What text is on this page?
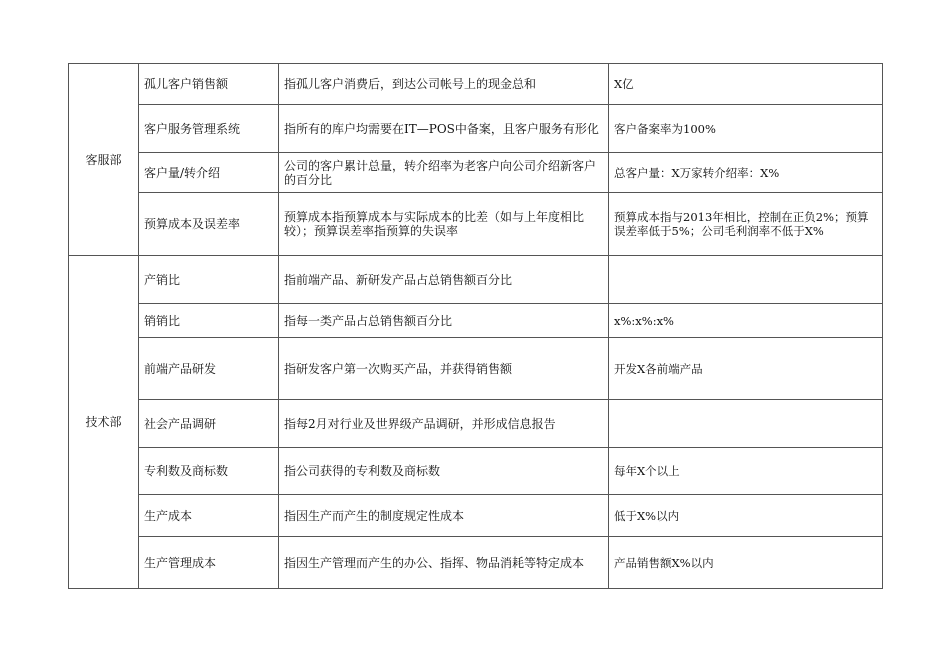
客服部	孤儿客户销售额	指孤儿客户消费后，到达公司帐号上的现金总和	X亿
	客户服务管理系统	指所有的库户均需要在IT—POS中备案，且客户服务有形化	客户备案率为100%
	客户量/转介绍	公司的客户累计总量，转介绍率为老客户向公司介绍新客户的百分比	总客户量：X万家转介绍率：X%
	预算成本及误差率	预算成本指预算成本与实际成本的比差（如与上年度相比较）；预算误差率指预算的失误率	预算成本指与2013年相比，控制在正负2%；预算误差率低于5%；公司毛利润率不低于X%
技术部	产销比	指前端产品、新研发产品占总销售额百分比	
	销销比	指每一类产品占总销售额百分比	x%:x%:x%
	前端产品研发	指研发客户第一次购买产品，并获得销售额	开发X各前端产品
	社会产品调研	指每2月对行业及世界级产品调研，并形成信息报告	
	专利数及商标数	指公司获得的专利数及商标数	每年X个以上
	生产成本	指因生产而产生的制度规定性成本	低于X%以内
	生产管理成本	指因生产管理而产生的办公、指挥、物品消耗等特定成本	产品销售额X%以内
